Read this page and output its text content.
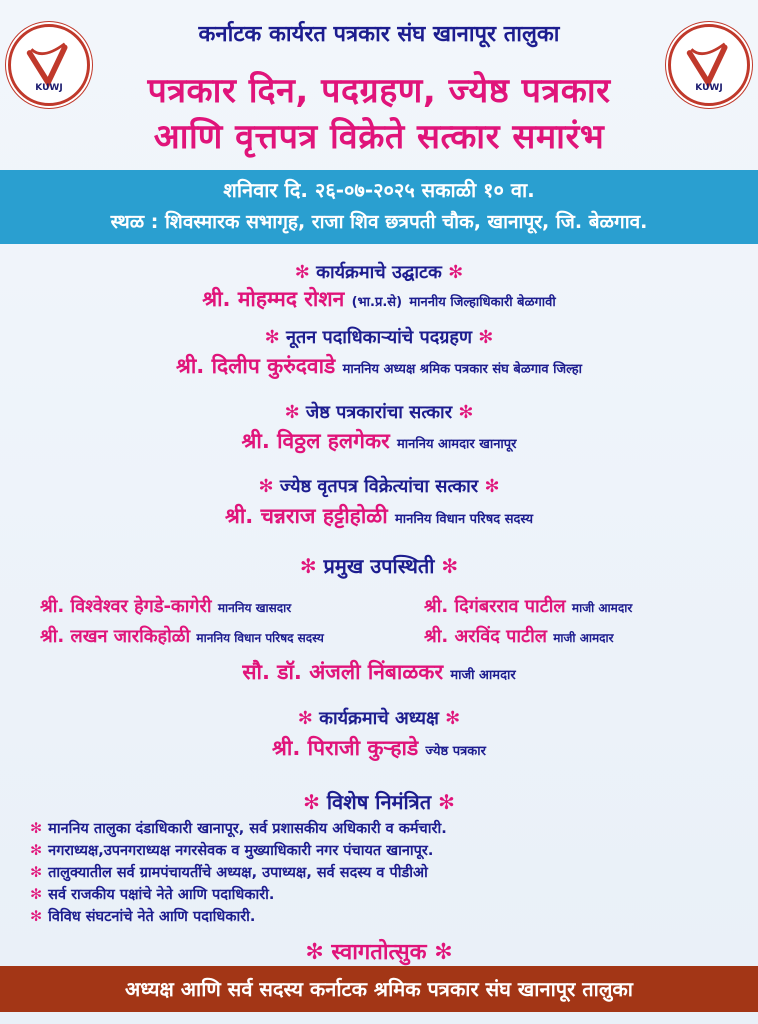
KUWJ	KUWJ
कर्नाटक कार्यरत पत्रकार संघ खानापूर तालुका
पत्रकार दिन, पदग्रहण, ज्येष्ठ पत्रकार
आणि वृत्तपत्र विक्रेते सत्कार समारंभ
शनिवार दि. २६-०७-२०२५ सकाळी १० वा.
स्थळ : शिवस्मारक सभागृह, राजा शिव छत्रपती चौक, खानापूर, जि. बेळगाव.
✻ कार्यक्रमाचे उद्घाटक ✻
श्री. मोहम्मद रोशन (भा.प्र.से) माननीय जिल्हाधिकारी बेळगावी
✻ नूतन पदाधिकाऱ्यांचे पदग्रहण ✻
श्री. दिलीप कुरुंदवाडे माननिय अध्यक्ष श्रमिक पत्रकार संघ बेळगाव जिल्हा
✻ जेष्ठ पत्रकारांचा सत्कार ✻
श्री. विठ्ठल हलगेकर माननिय आमदार खानापूर
✻ ज्येष्ठ वृतपत्र विक्रेत्यांचा सत्कार ✻
श्री. चन्नराज हट्टीहोळी माननिय विधान परिषद सदस्य
✻ प्रमुख उपस्थिती ✻
श्री. विश्वेश्वर हेगडे-कागेरी माननिय खासदार	श्री. दिगंबरराव पाटील माजी आमदार
श्री. लखन जारकिहोळी माननिय विधान परिषद सदस्य	श्री. अरविंद पाटील माजी आमदार
सौ. डॉ. अंजली निंबाळकर माजी आमदार
✻ कार्यक्रमाचे अध्यक्ष ✻
श्री. पिराजी कुऱ्हाडे ज्येष्ठ पत्रकार
✻ विशेष निमंत्रित ✻
✻ माननिय तालुका दंडाधिकारी खानापूर, सर्व प्रशासकीय अधिकारी व कर्मचारी.
✻ नगराध्यक्ष,उपनगराध्यक्ष नगरसेवक व मुख्याधिकारी नगर पंचायत खानापूर.
✻ तालुक्यातील सर्व ग्रामपंचायतींचे अध्यक्ष, उपाध्यक्ष, सर्व सदस्य व पीडीओ
✻ सर्व राजकीय पक्षांचे नेते आणि पदाधिकारी.
✻ विविध संघटनांचे नेते आणि पदाधिकारी.
✻ स्वागतोत्सुक ✻
अध्यक्ष आणि सर्व सदस्य कर्नाटक श्रमिक पत्रकार संघ खानापूर तालुका
